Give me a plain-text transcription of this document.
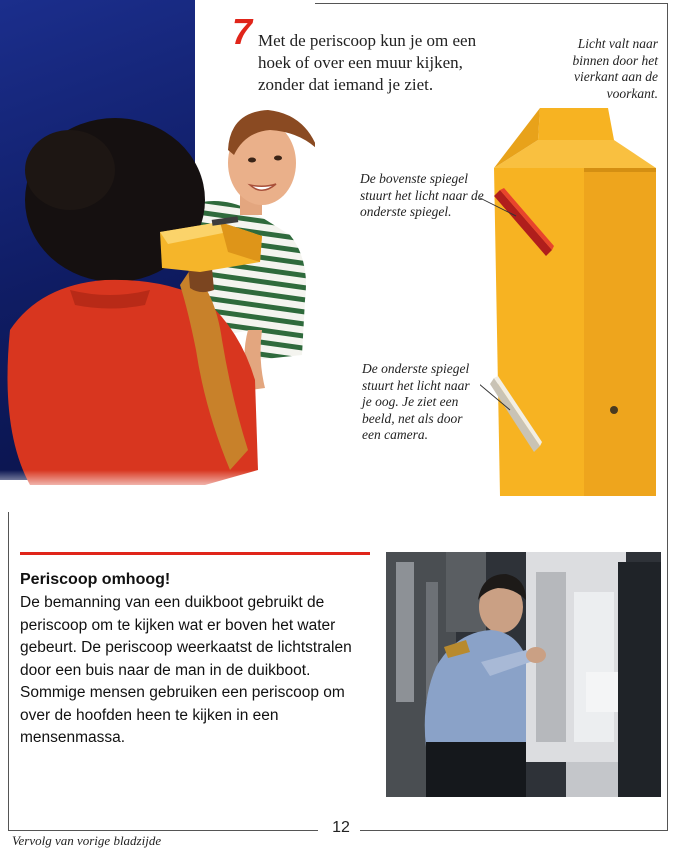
7 Met de periscoop kun je om een hoek of over een muur kijken, zonder dat iemand je ziet.
Licht valt naar binnen door het vierkant aan de voorkant.
De bovenste spiegel stuurt het licht naar de onderste spiegel.
De onderste spiegel stuurt het licht naar je oog. Je ziet een beeld, net als door een camera.
Periscoop omhoog!
De bemanning van een duikboot gebruikt de periscoop om te kijken wat er boven het water gebeurt. De periscoop weerkaatst de lichtstralen door een buis naar de man in de duikboot. Sommige mensen gebruiken een periscoop om over de hoofden heen te kijken in een mensenmassa.
12
Vervolg van vorige bladzijde
